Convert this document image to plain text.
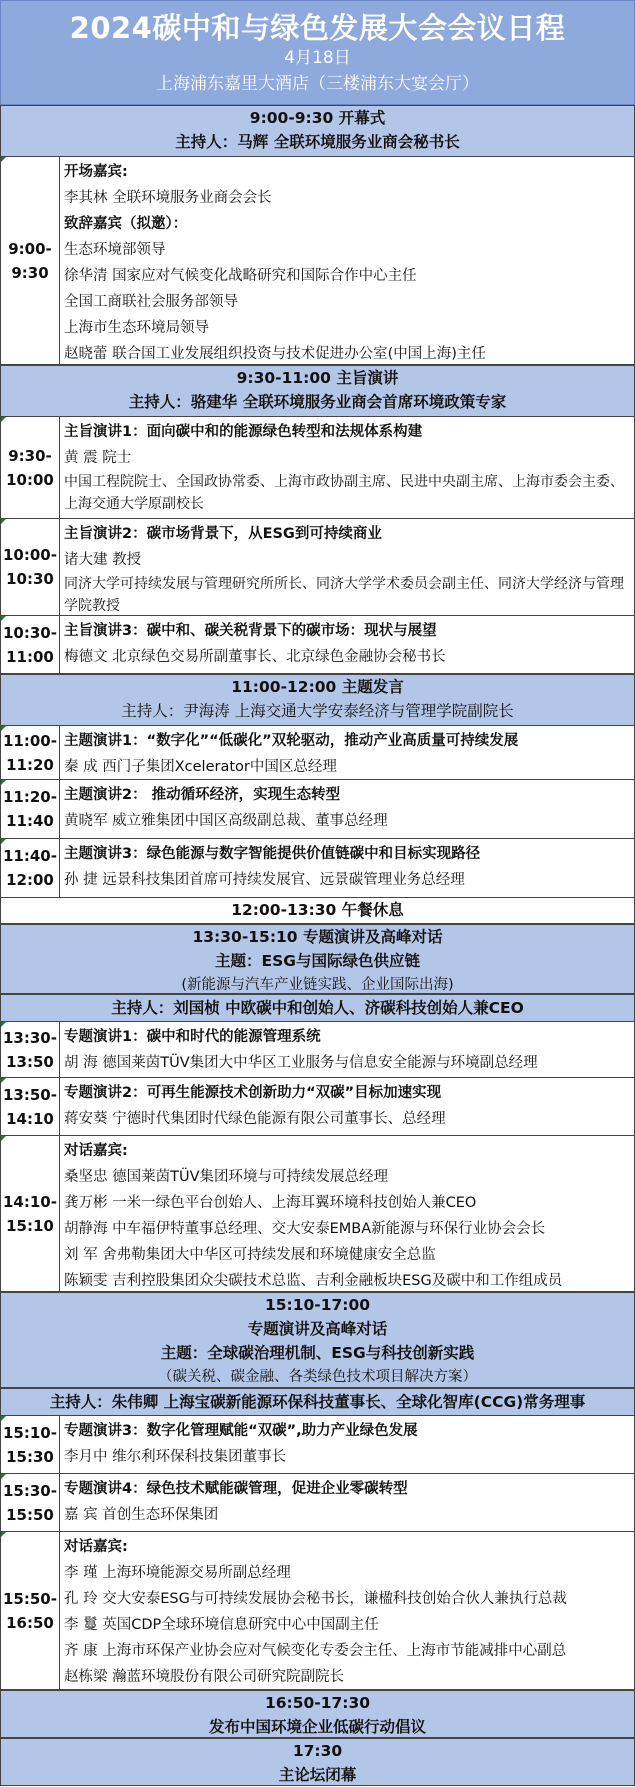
2024碳中和与绿色发展大会会议日程
4月18日
上海浦东嘉里大酒店（三楼浦东大宴会厅）
9:00-9:30 开幕式
主持人：马辉 全联环境服务业商会秘书长
9:00-
9:30
开场嘉宾:
李其林 全联环境服务业商会会长
致辞嘉宾（拟邀）：
生态环境部领导
徐华清 国家应对气候变化战略研究和国际合作中心主任
全国工商联社会服务部领导
上海市生态环境局领导
赵晓蕾 联合国工业发展组织投资与技术促进办公室(中国上海)主任
9:30-11:00 主旨演讲
主持人：骆建华 全联环境服务业商会首席环境政策专家
9:30-
10:00
主旨演讲1：面向碳中和的能源绿色转型和法规体系构建
黄 震 院士
中国工程院院士、全国政协常委、上海市政协副主席、民进中央副主席、上海市委会主委、上海交通大学原副校长
10:00-
10:30
主旨演讲2：碳市场背景下，从ESG到可持续商业
诸大建 教授
同济大学可持续发展与管理研究所所长、同济大学学术委员会副主任、同济大学经济与管理学院教授
10:30-
11:00
主旨演讲3：碳中和、碳关税背景下的碳市场：现状与展望
梅德文 北京绿色交易所副董事长、北京绿色金融协会秘书长
11:00-12:00 主题发言
主持人：尹海涛 上海交通大学安泰经济与管理学院副院长
11:00-
11:20
主题演讲1：“数字化”“低碳化”双轮驱动，推动产业高质量可持续发展
秦 成 西门子集团Xcelerator中国区总经理
11:20-
11:40
主题演讲2： 推动循环经济，实现生态转型
黄晓军 威立雅集团中国区高级副总裁、董事总经理
11:40-
12:00
主题演讲3：绿色能源与数字智能提供价值链碳中和目标实现路径
孙 捷 远景科技集团首席可持续发展官、远景碳管理业务总经理
12:00-13:30 午餐休息
13:30-15:10 专题演讲及高峰对话
主题：ESG与国际绿色供应链
(新能源与汽车产业链实践、企业国际出海)
主持人：刘国桢 中欧碳中和创始人、济碳科技创始人兼CEO
13:30-
13:50
专题演讲1：碳中和时代的能源管理系统
胡 海 德国莱茵TÜV集团大中华区工业服务与信息安全能源与环境副总经理
13:50-
14:10
专题演讲2：可再生能源技术创新助力“双碳”目标加速实现
蒋安葵 宁德时代集团时代绿色能源有限公司董事长、总经理
14:10-
15:10
对话嘉宾:
桑坚忠 德国莱茵TÜV集团环境与可持续发展总经理
龚万彬 一米一绿色平台创始人、上海耳翼环境科技创始人兼CEO
胡静海 中车福伊特董事总经理、交大安泰EMBA新能源与环保行业协会会长
刘 军 舍弗勒集团大中华区可持续发展和环境健康安全总监
陈颖雯 吉利控股集团众尖碳技术总监、吉利金融板块ESG及碳中和工作组成员
15:10-17:00
专题演讲及高峰对话
主题：全球碳治理机制、ESG与科技创新实践
（碳关税、碳金融、各类绿色技术项目解决方案）
主持人：朱伟卿 上海宝碳新能源环保科技董事长、全球化智库(CCG)常务理事
15:10-
15:30
专题演讲3：数字化管理赋能“双碳”,助力产业绿色发展
李月中 维尔利环保科技集团董事长
15:30-
15:50
专题演讲4：绿色技术赋能碳管理，促进企业零碳转型
嘉 宾 首创生态环保集团
15:50-
16:50
对话嘉宾:
李 瑾 上海环境能源交易所副总经理
孔 玲 交大安泰ESG与可持续发展协会秘书长，谦楹科技创始合伙人兼执行总裁
李 鬘 英国CDP全球环境信息研究中心中国副主任
齐 康 上海市环保产业协会应对气候变化专委会主任、上海市节能减排中心副总
赵栋梁 瀚蓝环境股份有限公司研究院副院长
16:50-17:30
发布中国环境企业低碳行动倡议
17:30
主论坛闭幕
